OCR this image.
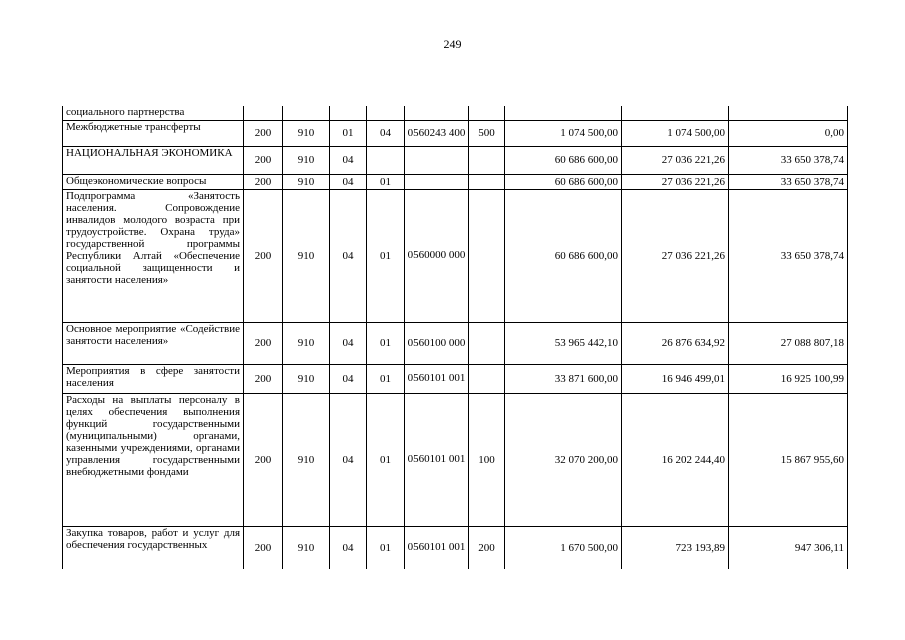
249
социального партнерства									
Межбюджетные трансферты	200	910	01	04	0560243 400	500	1 074 500,00	1 074 500,00	0,00
НАЦИОНАЛЬНАЯ ЭКОНОМИКА	200	910	04				60 686 600,00	27 036 221,26	33 650 378,74
Общеэкономические вопросы	200	910	04	01			60 686 600,00	27 036 221,26	33 650 378,74
Подпрограмма «Занятость населения. Сопровождение инвалидов молодого возраста при трудоустройстве. Охрана труда» государственной программы Республики Алтай «Обеспечение социальной защищенности и занятости населения»	200	910	04	01	0560000 000		60 686 600,00	27 036 221,26	33 650 378,74
Основное мероприятие «Содействие занятости населения»	200	910	04	01	0560100 000		53 965 442,10	26 876 634,92	27 088 807,18
Мероприятия в сфере занятости населения	200	910	04	01	0560101 001		33 871 600,00	16 946 499,01	16 925 100,99
Расходы на выплаты персоналу в целях обеспечения выполнения функций государственными (муниципальными) органами, казенными учреждениями, органами управления государственными внебюджетными фондами	200	910	04	01	0560101 001	100	32 070 200,00	16 202 244,40	15 867 955,60
Закупка товаров, работ и услуг для обеспечения государственных	200	910	04	01	0560101 001	200	1 670 500,00	723 193,89	947 306,11
